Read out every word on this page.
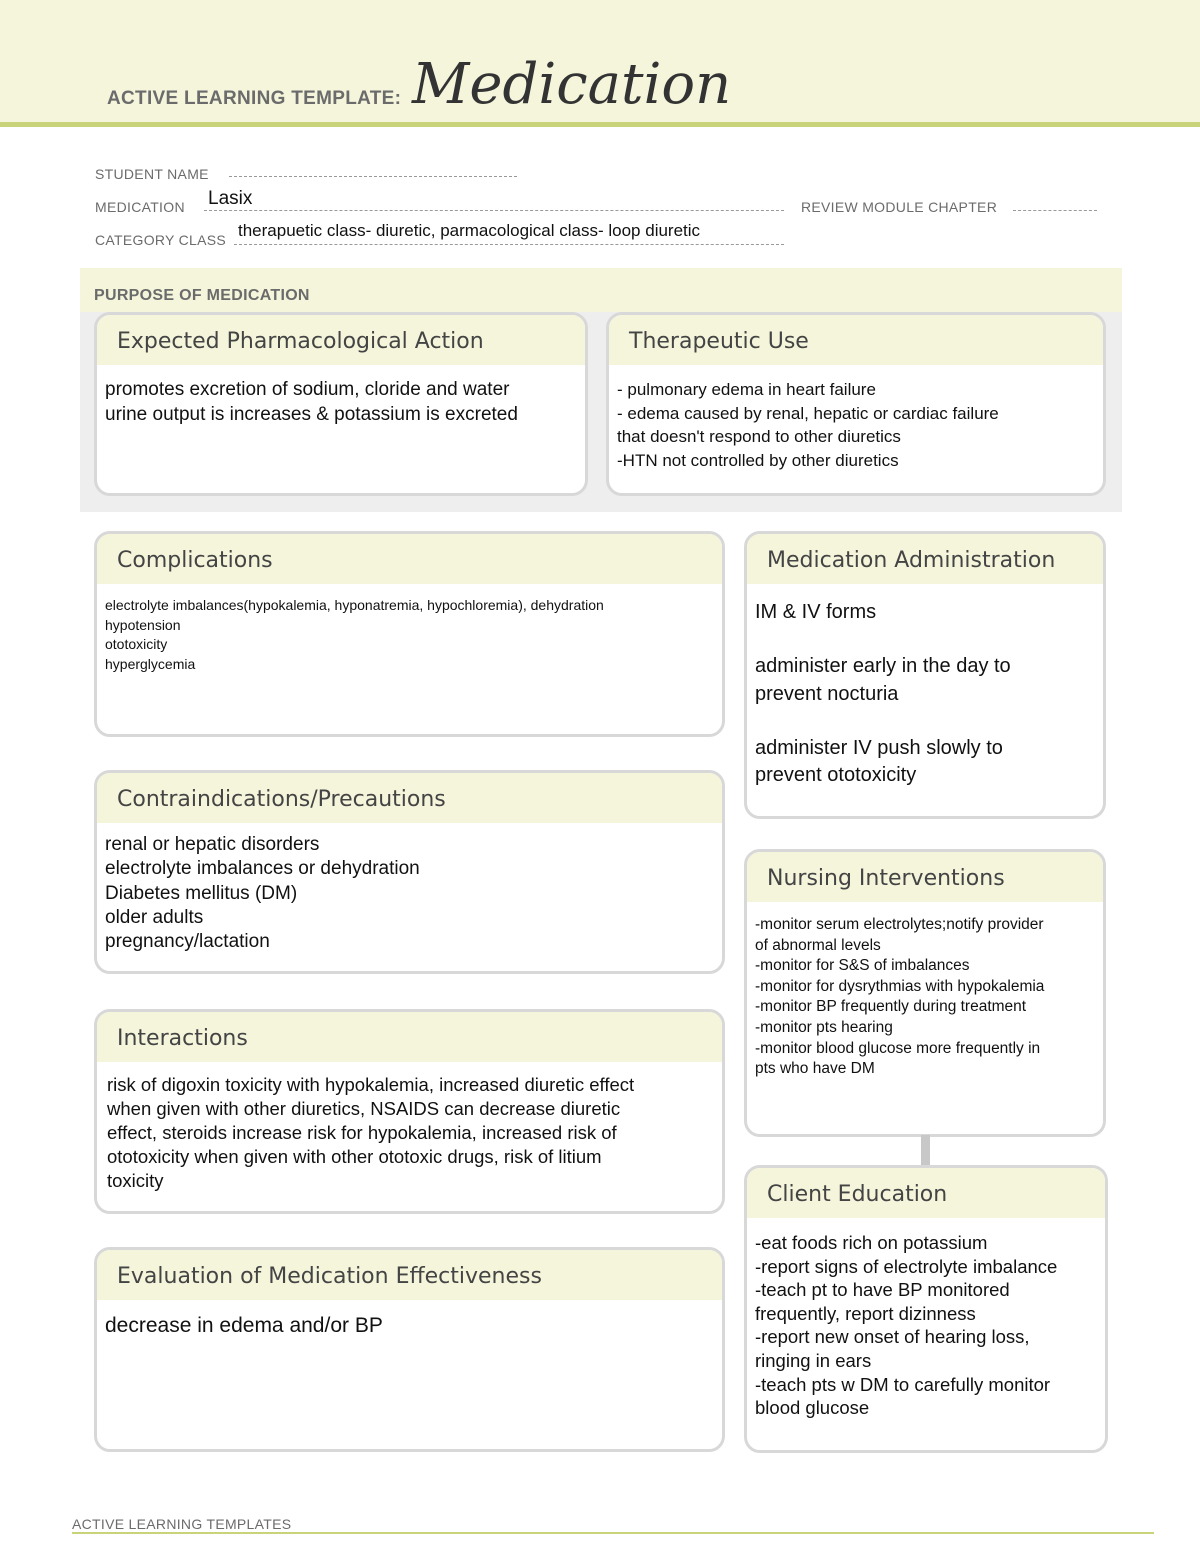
ACTIVE LEARNING TEMPLATE: Medication
STUDENT NAME
MEDICATION Lasix	REVIEW MODULE CHAPTER
CATEGORY CLASS therapuetic class- diuretic, parmacological class- loop diuretic
PURPOSE OF MEDICATION
Expected Pharmacological Action
promotes excretion of sodium, cloride and water
urine output is increases & potassium is excreted
Therapeutic Use
- pulmonary edema in heart failure
- edema caused by renal, hepatic or cardiac failure
that doesn't respond to other diuretics
-HTN not controlled by other diuretics
Complications
electrolyte imbalances(hypokalemia, hyponatremia, hypochloremia), dehydration
hypotension
ototoxicity
hyperglycemia
Medication Administration
IM & IV forms
administer early in the day to
prevent nocturia
administer IV push slowly to
prevent ototoxicity
Contraindications/Precautions
renal or hepatic disorders
electrolyte imbalances or dehydration
Diabetes mellitus (DM)
older adults
pregnancy/lactation
Nursing Interventions
-monitor serum electrolytes;notify provider
of abnormal levels
-monitor for S&S of imbalances
-monitor for dysrythmias with hypokalemia
-monitor BP frequently during treatment
-monitor pts hearing
-monitor blood glucose more frequently in
pts who have DM
Interactions
risk of digoxin toxicity with hypokalemia, increased diuretic effect
when given with other diuretics, NSAIDS can decrease diuretic
effect, steroids increase risk for hypokalemia, increased risk of
ototoxicity when given with other ototoxic drugs, risk of litium
toxicity
Client Education
-eat foods rich on potassium
-report signs of electrolyte imbalance
-teach pt to have BP monitored
frequently, report dizinness
-report new onset of hearing loss,
ringing in ears
-teach pts w DM to carefully monitor
blood glucose
Evaluation of Medication Effectiveness
decrease in edema and/or BP
ACTIVE LEARNING TEMPLATES
